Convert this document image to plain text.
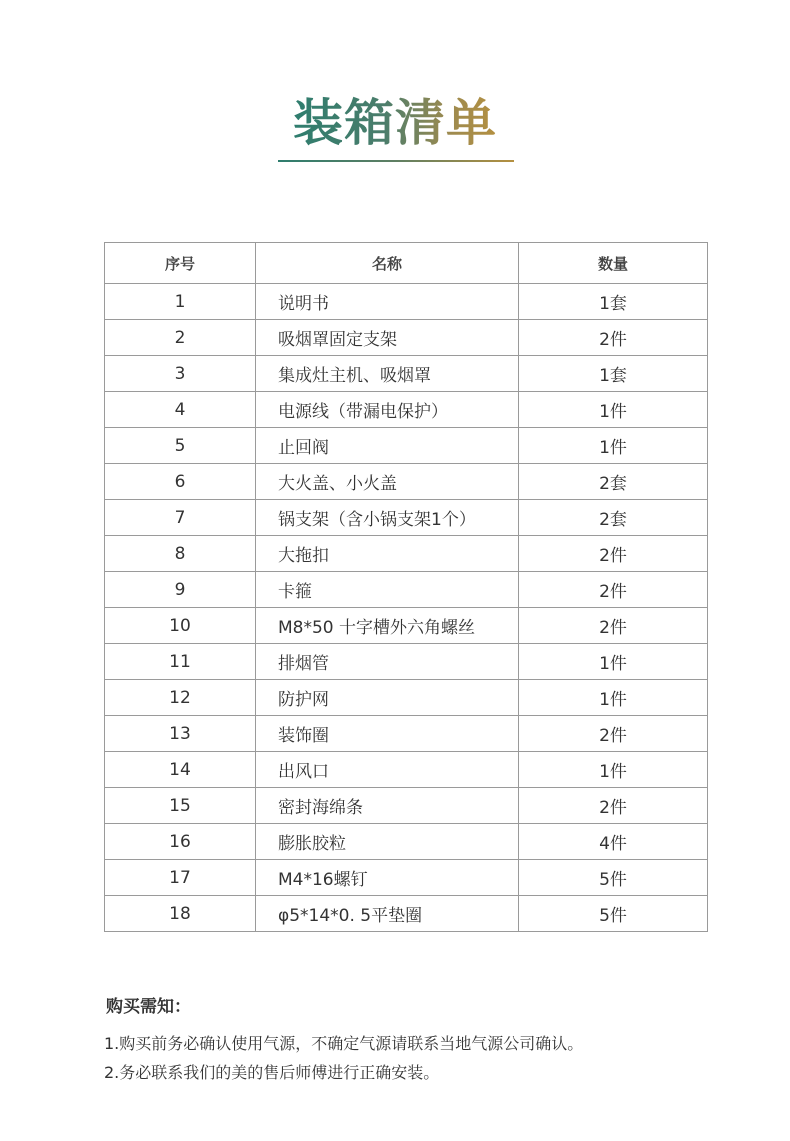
装箱清单
序号	名称	数量
1	说明书	1套
2	吸烟罩固定支架	2件
3	集成灶主机、吸烟罩	1套
4	电源线（带漏电保护）	1件
5	止回阀	1件
6	大火盖、小火盖	2套
7	锅支架（含小锅支架1个）	2套
8	大拖扣	2件
9	卡箍	2件
10	M8*50 十字槽外六角螺丝	2件
11	排烟管	1件
12	防护网	1件
13	装饰圈	2件
14	出风口	1件
15	密封海绵条	2件
16	膨胀胶粒	4件
17	M4*16螺钉	5件
18	φ5*14*0. 5平垫圈	5件
购买需知：
1.购买前务必确认使用气源，不确定气源请联系当地气源公司确认。
2.务必联系我们的美的售后师傅进行正确安装。
